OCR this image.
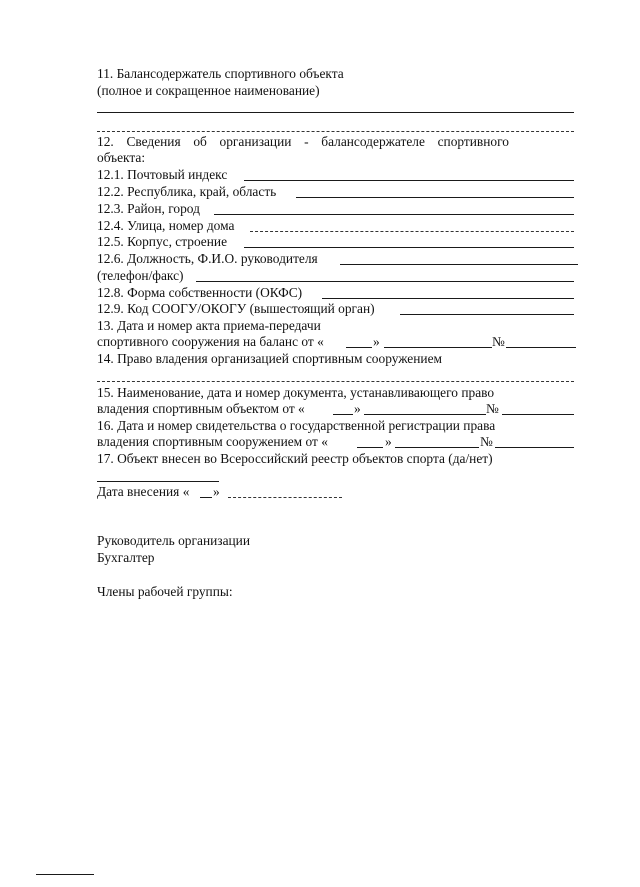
11. Балансодержатель спортивного объекта
(полное и сокращенное наименование)
12. Сведения об организации - балансодержателе спортивного
объекта:
12.1. Почтовый индекс
12.2. Республика, край, область
12.3. Район, город
12.4. Улица, номер дома
12.5. Корпус, строение
12.6. Должность, Ф.И.О. руководителя
(телефон/факс)
12.8. Форма собственности (ОКФС)
12.9. Код СООГУ/ОКОГУ (вышестоящий орган)
13. Дата и номер акта приема-передачи
спортивного сооружения на баланс от «	»	№
14. Право владения организацией спортивным сооружением
15. Наименование, дата и номер документа, устанавливающего право
владения спортивным объектом от «	»	№
16. Дата и номер свидетельства о государственной регистрации права
владения спортивным сооружением от «	»	№
17. Объект внесен во Всероссийский реестр объектов спорта (да/нет)
Дата внесения « »
Руководитель организации
Бухгалтер
Члены рабочей группы:
